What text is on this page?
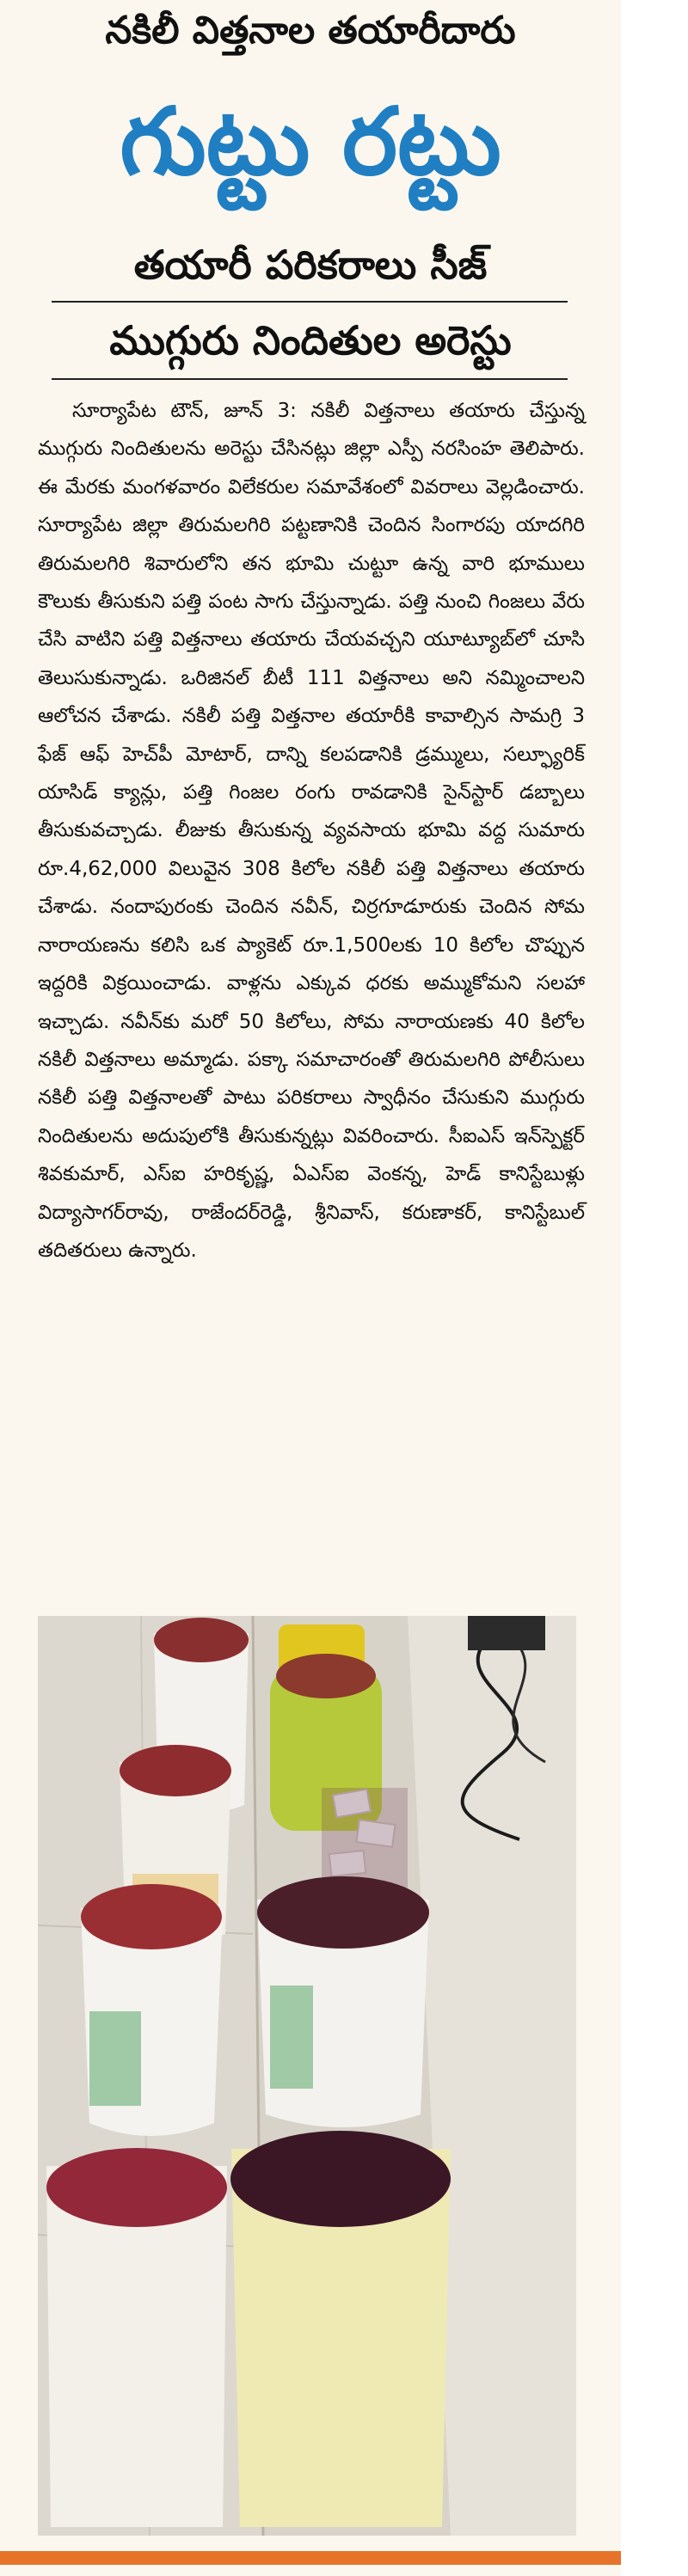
నకిలీ విత్తనాల తయారీదారు
గుట్టు రట్టు
తయారీ పరికరాలు సీజ్
ముగ్గురు నిందితుల అరెస్టు

సూర్యాపేట టౌన్‌, జూన్‌ 3: నకిలీ విత్తనాలు తయారు చేస్తున్న ముగ్గురు నిందితులను అరెస్టు చేసినట్లు జిల్లా ఎస్పీ నరసింహ తెలిపారు. ఈ మేరకు మంగళవారం విలేకరుల సమావేశంలో వివరాలు వెల్లడించారు. సూర్యాపేట జిల్లా తిరుమలగిరి పట్టణానికి చెందిన సింగారపు యాదగిరి తిరుమలగిరి శివారులోని తన భూమి చుట్టూ ఉన్న వారి భూములు కౌలుకు తీసుకుని పత్తి పంట సాగు చేస్తున్నాడు. పత్తి నుంచి గింజలు వేరు చేసి వాటిని పత్తి విత్తనాలు తయారు చేయవచ్చని యూట్యూబ్‌లో చూసి తెలుసుకున్నాడు. ఒరిజినల్‌ బీటీ 111 విత్తనాలు అని నమ్మించాలని ఆలోచన చేశాడు. నకిలీ పత్తి విత్తనాల తయారీకి కావాల్సిన సామగ్రి 3 ఫేజ్‌ ఆఫ్‌ హెచ్‌పీ మోటార్‌, దాన్ని కలపడానికి డ్రమ్ములు, సల్ఫ్యూరిక్‌ యాసిడ్‌ క్యాన్లు, పత్తి గింజల రంగు రావడానికి సైన్‌స్టార్‌ డబ్బాలు తీసుకువచ్చాడు. లీజుకు తీసుకున్న వ్యవసాయ భూమి వద్ద సుమారు రూ.4,62,000 విలువైన 308 కిలోల నకిలీ పత్తి విత్తనాలు తయారు చేశాడు. నందాపురంకు చెందిన నవీన్‌, చిర్రగూడూరుకు చెందిన సోమ నారాయణను కలిసి ఒక ప్యాకెట్‌ రూ.1,500లకు 10 కిలోల చొప్పున ఇద్దరికి విక్రయించాడు. వాళ్లను ఎక్కువ ధరకు అమ్ముకోమని సలహా ఇచ్చాడు. నవీన్‌కు మరో 50 కిలోలు, సోమ నారాయణకు 40 కిలోల నకిలీ విత్తనాలు అమ్మాడు. పక్కా సమాచారంతో తిరుమలగిరి పోలీసులు నకిలీ పత్తి విత్తనాలతో పాటు పరికరాలు స్వాధీనం చేసుకుని ముగ్గురు నిందితులను అదుపులోకి తీసుకున్నట్లు వివరించారు. సీఐఎస్‌ ఇన్‌స్పెక్టర్‌ శివకుమార్‌, ఎస్‌ఐ హరికృష్ణ, ఏఎస్‌ఐ వెంకన్న, హెడ్‌ కానిస్టేబుళ్లు విద్యాసాగర్‌రావు, రాజేందర్‌రెడ్డి, శ్రీనివాస్‌, కరుణాకర్‌, కానిస్టేబుల్‌ తదితరులు ఉన్నారు.
